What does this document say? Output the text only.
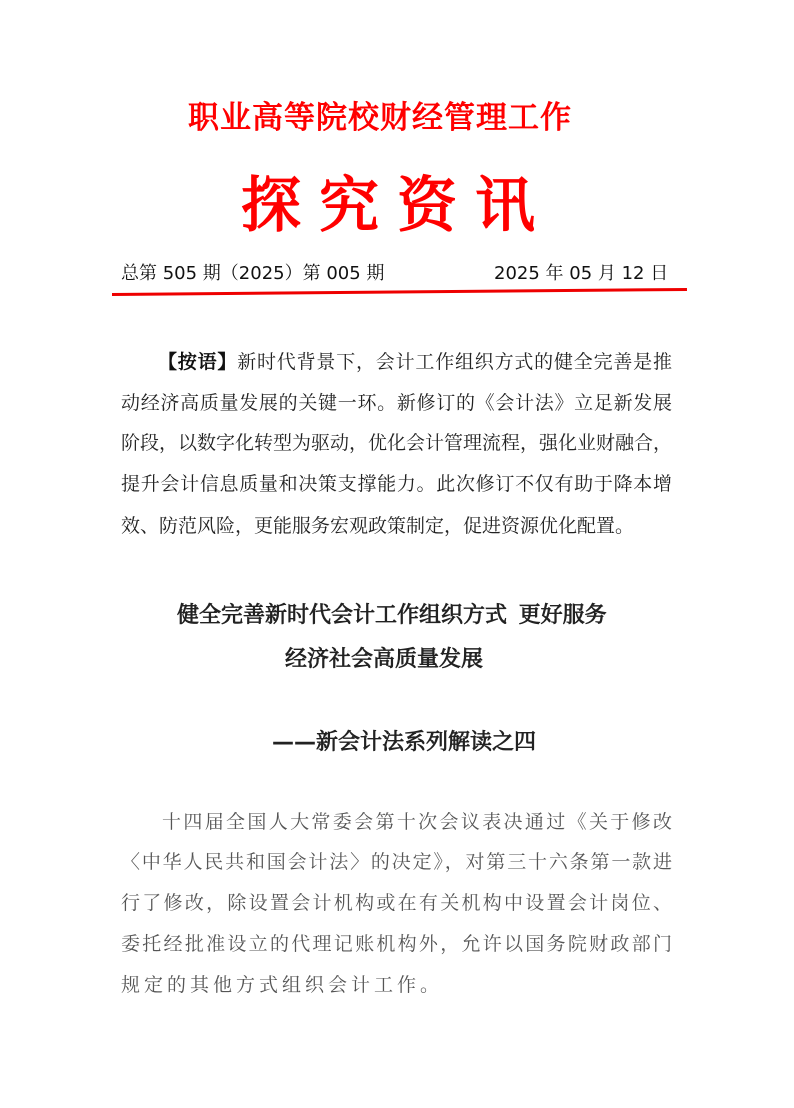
职业高等院校财经管理工作
探究资讯
总第 505 期（2025）第 005 期	2025 年 05 月 12 日
【按语】新时代背景下，会计工作组织方式的健全完善是推
动经济高质量发展的关键一环。新修订的《会计法》立足新发展
阶段，以数字化转型为驱动，优化会计管理流程，强化业财融合，
提升会计信息质量和决策支撑能力。此次修订不仅有助于降本增
效、防范风险，更能服务宏观政策制定，促进资源优化配置。
健全完善新时代会计工作组织方式 更好服务
经济社会高质量发展
——新会计法系列解读之四
十四届全国人大常委会第十次会议表决通过《关于修改
〈中华人民共和国会计法〉的决定》，对第三十六条第一款进
行了修改，除设置会计机构或在有关机构中设置会计岗位、
委托经批准设立的代理记账机构外，允许以国务院财政部门
规定的其他方式组织会计工作。
